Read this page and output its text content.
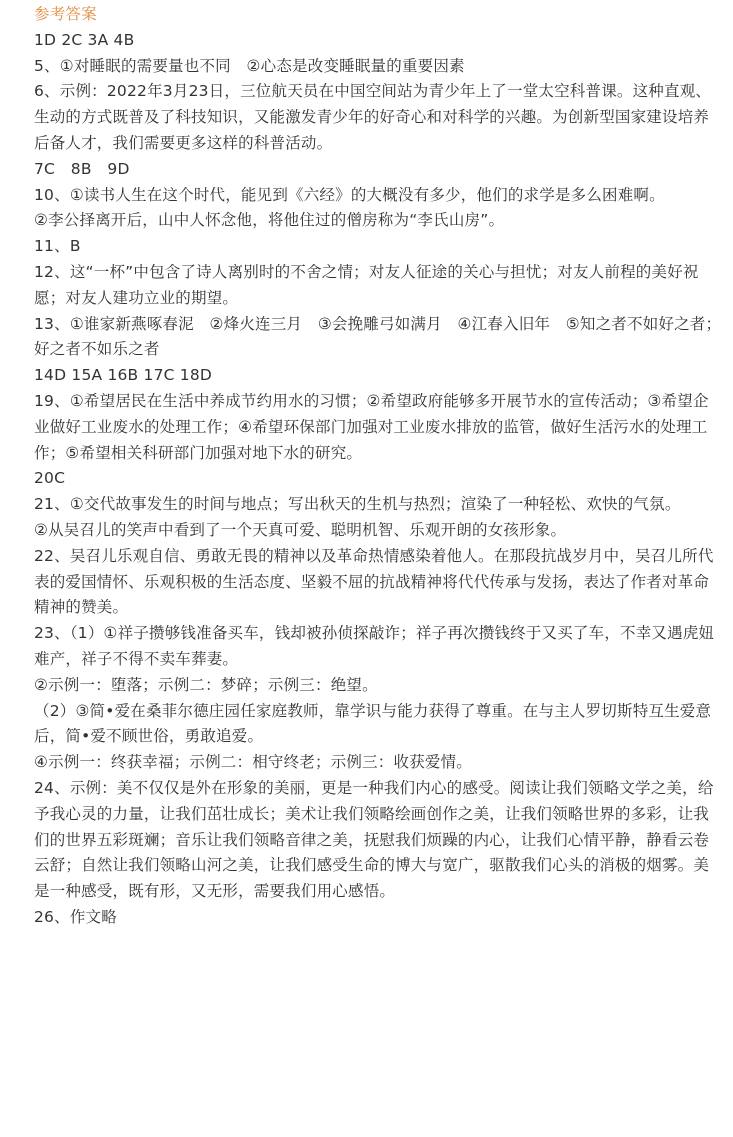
参考答案

1D 2C 3A 4B

5、①对睡眠的需要量也不同　②心态是改变睡眠量的重要因素

6、示例：2022年3月23日，三位航天员在中国空间站为青少年上了一堂太空科普课。这种直观、生动的方式既普及了科技知识，又能激发青少年的好奇心和对科学的兴趣。为创新型国家建设培养后备人才，我们需要更多这样的科普活动。

7C　8B　9D

10、①读书人生在这个时代，能见到《六经》的大概没有多少，他们的求学是多么困难啊。

②李公择离开后，山中人怀念他，将他住过的僧房称为“李氏山房”。

11、B

12、这“一杯”中包含了诗人离别时的不舍之情；对友人征途的关心与担忧；对友人前程的美好祝愿；对友人建功立业的期望。

13、①谁家新燕啄春泥　②烽火连三月　③会挽雕弓如满月　④江春入旧年　⑤知之者不如好之者；好之者不如乐之者

14D 15A 16B 17C 18D

19、①希望居民在生活中养成节约用水的习惯；②希望政府能够多开展节水的宣传活动；③希望企业做好工业废水的处理工作；④希望环保部门加强对工业废水排放的监管，做好生活污水的处理工作；⑤希望相关科研部门加强对地下水的研究。

20C

21、①交代故事发生的时间与地点；写出秋天的生机与热烈；渲染了一种轻松、欢快的气氛。

②从吴召儿的笑声中看到了一个天真可爱、聪明机智、乐观开朗的女孩形象。

22、吴召儿乐观自信、勇敢无畏的精神以及革命热情感染着他人。在那段抗战岁月中，吴召儿所代表的爱国情怀、乐观积极的生活态度、坚毅不屈的抗战精神将代代传承与发扬，表达了作者对革命精神的赞美。

23、（1）①祥子攒够钱准备买车，钱却被孙侦探敲诈；祥子再次攒钱终于又买了车，不幸又遇虎妞难产，祥子不得不卖车葬妻。

②示例一：堕落；示例二：梦碎；示例三：绝望。

（2）③简•爱在桑菲尔德庄园任家庭教师，靠学识与能力获得了尊重。在与主人罗切斯特互生爱意后，简•爱不顾世俗，勇敢追爱。

④示例一：终获幸福；示例二：相守终老；示例三：收获爱情。

24、示例：美不仅仅是外在形象的美丽，更是一种我们内心的感受。阅读让我们领略文学之美，给予我心灵的力量，让我们茁壮成长；美术让我们领略绘画创作之美，让我们领略世界的多彩，让我们的世界五彩斑斓；音乐让我们领略音律之美，抚慰我们烦躁的内心，让我们心情平静，静看云卷云舒；自然让我们领略山河之美，让我们感受生命的博大与宽广，驱散我们心头的消极的烟雾。美是一种感受，既有形，又无形，需要我们用心感悟。

26、作文略
